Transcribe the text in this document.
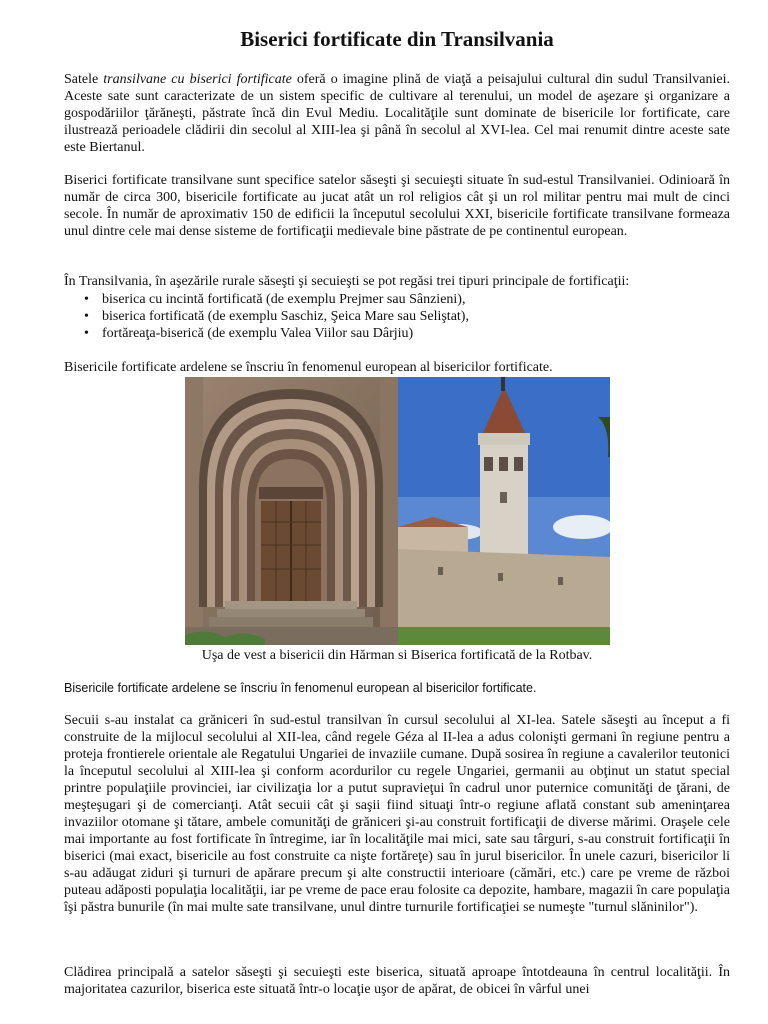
Biserici fortificate din Transilvania

Satele transilvane cu biserici fortificate oferă o imagine plină de viaţă a peisajului cultural din sudul Transilvaniei. Aceste sate sunt caracterizate de un sistem specific de cultivare al terenului, un model de aşezare şi organizare a gospodăriilor ţărăneşti, păstrate încă din Evul Mediu. Localităţile sunt dominate de bisericile lor fortificate, care ilustrează perioadele clădirii din secolul al XIII-lea şi până în secolul al XVI-lea. Cel mai renumit dintre aceste sate este Biertanul.

Biserici fortificate transilvane sunt specifice satelor săseşti şi secuieşti situate în sud-estul Transilvaniei. Odinioară în număr de circa 300, bisericile fortificate au jucat atât un rol religios cât şi un rol militar pentru mai mult de cinci secole. În număr de aproximativ 150 de edificii la începutul secolului XXI, bisericile fortificate transilvane formeaza unul dintre cele mai dense sisteme de fortificaţii medievale bine păstrate de pe continentul european.

În Transilvania, în aşezările rurale săseşti şi secuieşti se pot regăsi trei tipuri principale de fortificaţii:

• biserica cu incintă fortificată (de exemplu Prejmer sau Sânzieni),
• biserica fortificată (de exemplu Saschiz, Şeica Mare sau Seliştat),
• fortăreaţa-biserică (de exemplu Valea Viilor sau Dârjiu)

Bisericile fortificate ardelene se înscriu în fenomenul european al bisericilor fortificate.

Uşa de vest a bisericii din Hărman si Biserica fortificată de la Rotbav.

Bisericile fortificate ardelene se înscriu în fenomenul european al bisericilor fortificate.

Secuii s-au instalat ca grăniceri în sud-estul transilvan în cursul secolului al XI-lea. Satele săseşti au început a fi construite de la mijlocul secolului al XII-lea, când regele Géza al II-lea a adus colonişti germani în regiune pentru a proteja frontierele orientale ale Regatului Ungariei de invaziile cumane. După sosirea în regiune a cavalerilor teutonici la începutul secolului al XIII-lea şi conform acordurilor cu regele Ungariei, germanii au obţinut un statut special printre populaţiile provinciei, iar civilizaţia lor a putut supravieţui în cadrul unor puternice comunităţi de ţărani, de meşteşugari şi de comercianţi. Atât secuii cât şi saşii fiind situaţi într-o regiune aflată constant sub ameninţarea invaziilor otomane şi tătare, ambele comunităţi de grăniceri şi-au construit fortificaţii de diverse mărimi. Oraşele cele mai importante au fost fortificate în întregime, iar în localităţile mai mici, sate sau târguri, s-au construit fortificaţii în biserici (mai exact, bisericile au fost construite ca nişte fortăreţe) sau în jurul bisericilor. În unele cazuri, bisericilor li s-au adăugat ziduri şi turnuri de apărare precum şi alte constructii interioare (cămări, etc.) care pe vreme de război puteau adăposti populaţia localităţii, iar pe vreme de pace erau folosite ca depozite, hambare, magazii în care populaţia îşi păstra bunurile (în mai multe sate transilvane, unul dintre turnurile fortificaţiei se numeşte "turnul slăninilor").

Clădirea principală a satelor săseşti şi secuieşti este biserica, situată aproape întotdeauna în centrul localităţii. În majoritatea cazurilor, biserica este situată într-o locaţie uşor de apărat, de obicei în vârful unei
